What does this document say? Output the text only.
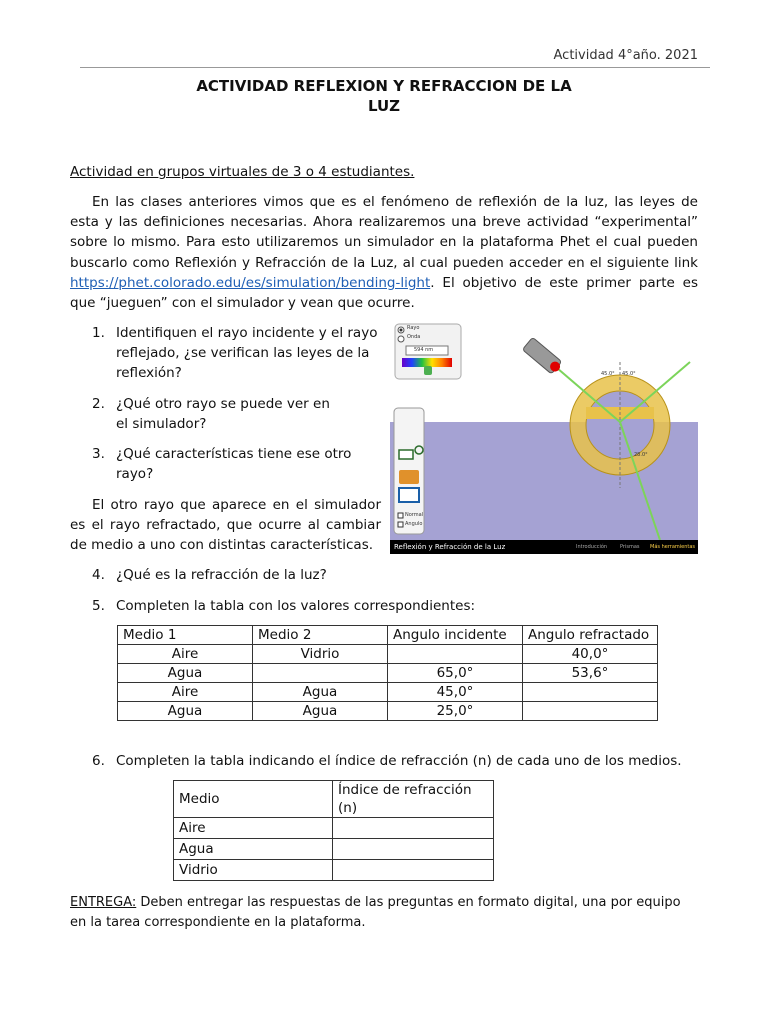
Actividad 4°año. 2021
ACTIVIDAD REFLEXION Y REFRACCION DE LA
LUZ
Actividad en grupos virtuales de 3 o 4 estudiantes.
En las clases anteriores vimos que es el fenómeno de reflexión de la luz, las leyes de esta y las definiciones necesarias. Ahora realizaremos una breve actividad “experimental” sobre lo mismo. Para esto utilizaremos un simulador en la plataforma Phet el cual pueden buscarlo como Reflexión y Refracción de la Luz, al cual pueden acceder en el siguiente link https://phet.colorado.edu/es/simulation/bending-light. El objetivo de este primer parte es que “jueguen” con el simulador y vean que ocurre.
1. Identifiquen el rayo incidente y el rayo reflejado, ¿se verifican las leyes de la reflexión?
2. ¿Qué otro rayo se puede ver en el simulador?
3. ¿Qué características tiene ese otro rayo?
El otro rayo que aparece en el simulador es el rayo refractado, que ocurre al cambiar de medio a uno con distintas características.
Rayo
Onda
594 nm
Normal
Angulo
45.0° 45.0°
28.0°
Reflexión y Refracción de la Luz	Introducción	Prismas Más herramientas
4. ¿Qué es la refracción de la luz?
5. Completen la tabla con los valores correspondientes:
Medio 1	Medio 2	Angulo incidente	Angulo refractado
Aire	Vidrio		40,0°
Agua		65,0°	53,6°
Aire	Agua	45,0°	
Agua	Agua	25,0°	
6. Completen la tabla indicando el índice de refracción (n) de cada uno de los medios.
Medio	Índice de refracción (n)
Aire	
Agua	
Vidrio	
ENTREGA: Deben entregar las respuestas de las preguntas en formato digital, una por equipo en la tarea correspondiente en la plataforma.
